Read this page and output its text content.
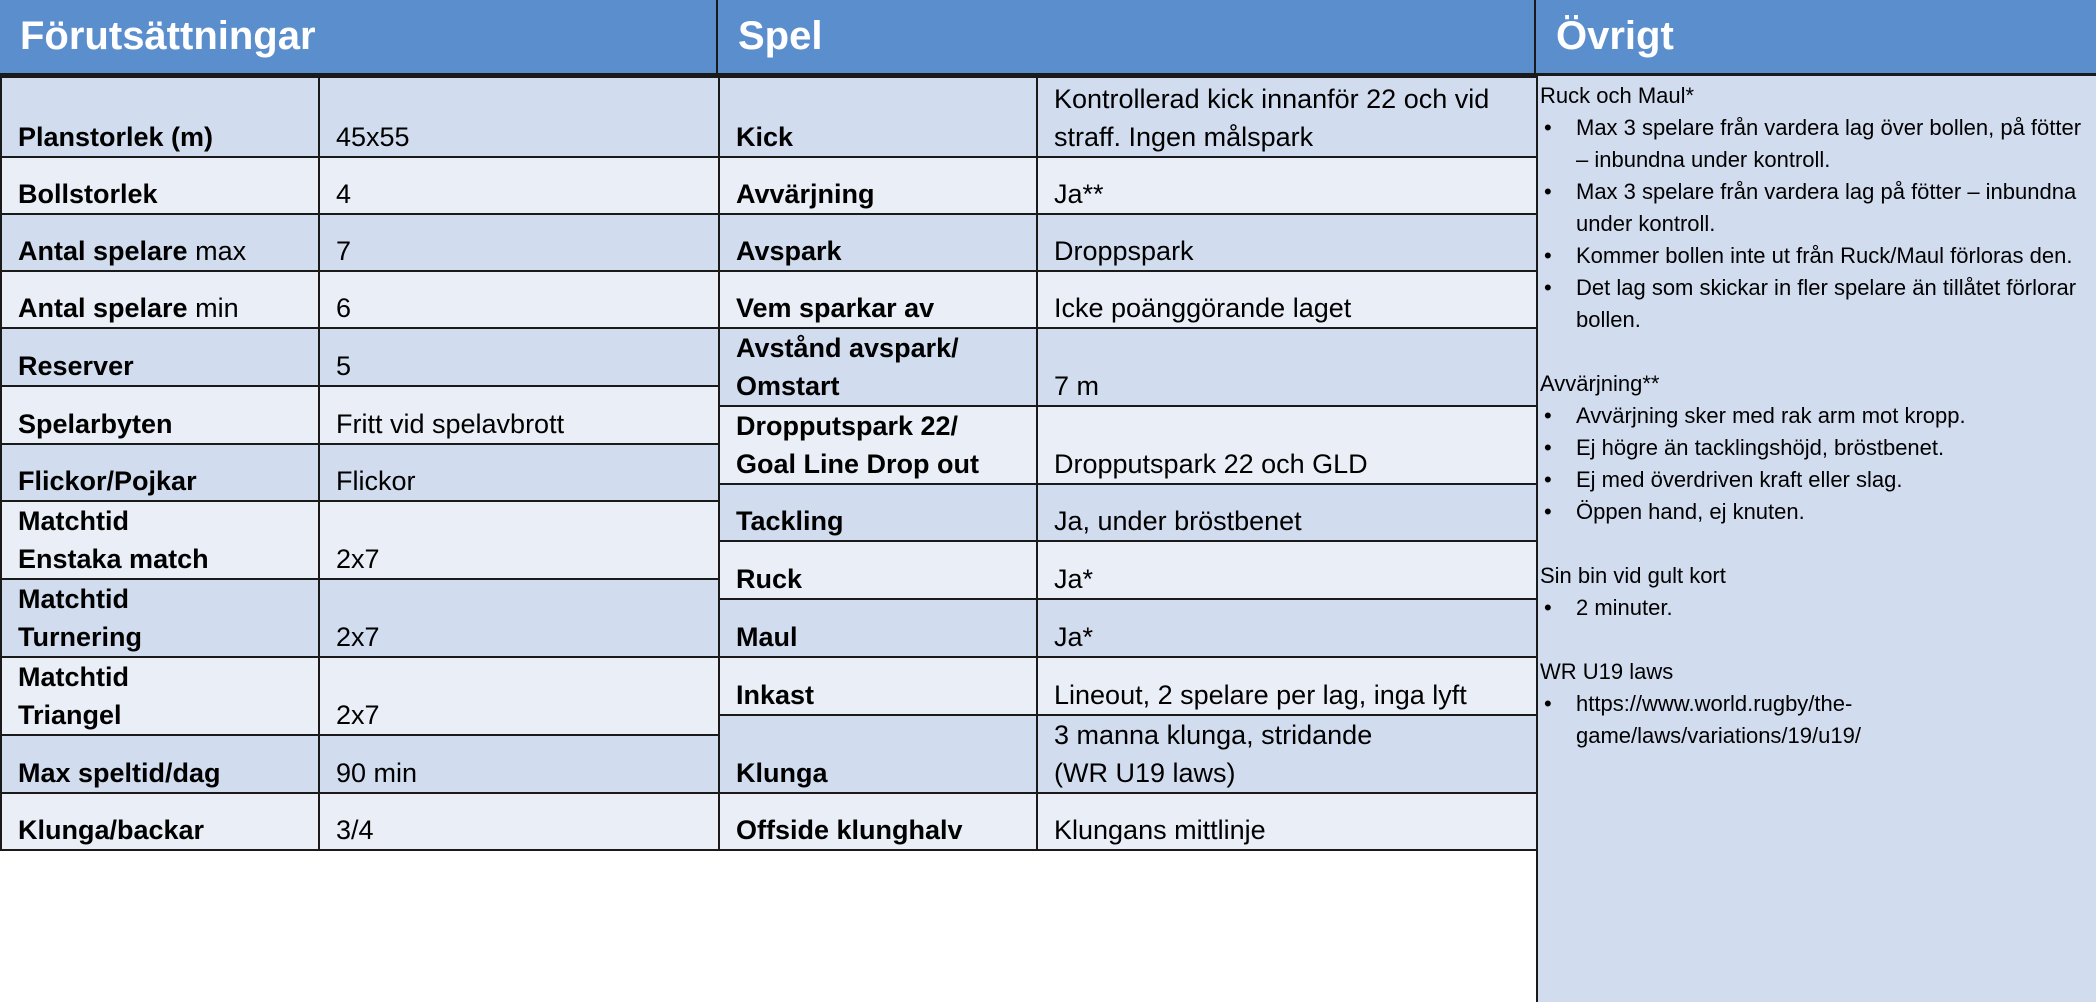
Förutsättningar	Spel	Övrigt
Planstorlek (m)	45x55
Bollstorlek	4
Antal spelare max	7
Antal spelare min	6
Reserver	5
Spelarbyten	Fritt vid spelavbrott
Flickor/Pojkar	Flickor
Matchtid
Enstaka match	2x7
Matchtid
Turnering	2x7
Matchtid
Triangel	2x7
Max speltid/dag	90 min
Klunga/backar	3/4
Kick	Kontrollerad kick innanför 22 och vid
straff. Ingen målspark
Avvärjning	Ja**
Avspark	Droppspark
Vem sparkar av	Icke poänggörande laget
Avstånd avspark/
Omstart	7 m
Dropputspark 22/
Goal Line Drop out	Dropputspark 22 och GLD
Tackling	Ja, under bröstbenet
Ruck	Ja*
Maul	Ja*
Inkast	Lineout, 2 spelare per lag, inga lyft
Klunga	3 manna klunga, stridande
(WR U19 laws)
Offside klunghalv	Klungans mittlinje
Ruck och Maul*
• Max 3 spelare från vardera lag över bollen, på fötter – inbundna under kontroll.
• Max 3 spelare från vardera lag på fötter – inbundna under kontroll.
• Kommer bollen inte ut från Ruck/Maul förloras den.
• Det lag som skickar in fler spelare än tillåtet förlorar bollen.
Avvärjning**
• Avvärjning sker med rak arm mot kropp.
• Ej högre än tacklingshöjd, bröstbenet.
• Ej med överdriven kraft eller slag.
• Öppen hand, ej knuten.
Sin bin vid gult kort
• 2 minuter.
WR U19 laws
• https://www.world.rugby/the-game/laws/variations/19/u19/
